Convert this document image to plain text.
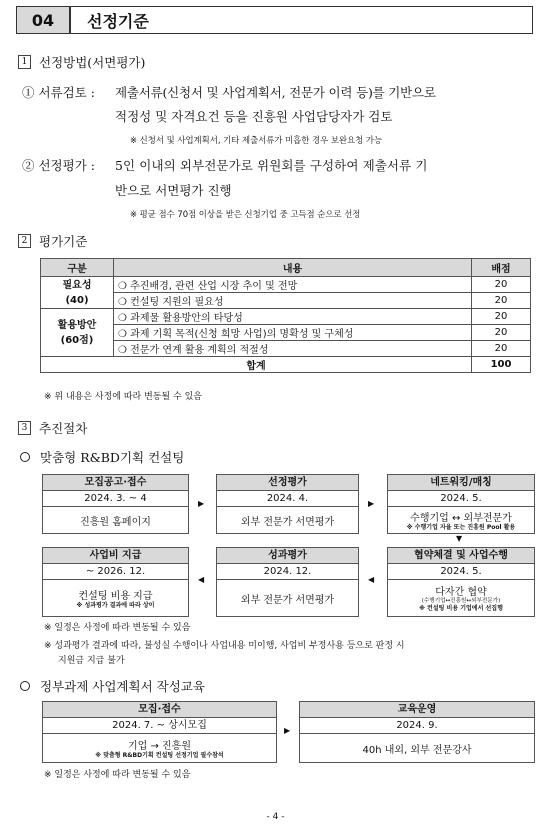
04	선정기준
1 선정방법(서면평가)
① 서류검토 : 제출서류(신청서 및 사업계획서, 전문가 이력 등)를 기반으로
적정성 및 자격요건 등을 진흥원 사업담당자가 검토
※ 신청서 및 사업계획서, 기타 제출서류가 미흡한 경우 보완요청 가능
② 선정평가 : 5인 이내의 외부전문가로 위원회를 구성하여 제출서류 기
반으로 서면평가 진행
※ 평균 점수 70점 이상을 받은 신청기업 중 고득점 순으로 선정
2 평가기준
구분	내용	배점

필요성
(40)	❍ 추진배경, 관련 산업 시장 추이 및 전망	20
	❍ 컨설팅 지원의 필요성	20

활용방안
(60점)	❍ 과제물 활용방안의 타당성	20
	❍ 과제 기획 목적(신청 희망 사업)의 명확성 및 구체성	20
	❍ 전문가 연계 활용 계획의 적절성	20
합계		100
※ 위 내용은 사정에 따라 변동될 수 있음
3 추진절차
맞춤형 R&BD기획 컨설팅
모집공고·접수
2024. 3. ~ 4
진흥원 홈페이지
▶
선정평가
2024. 4.
외부 전문가 서면평가
▶
네트워킹/매칭
2024. 5.
수행기업 ↔ 외부전문가
※ 수행기업 자율 또는 진흥원 Pool 활용
▼
사업비 지급
~ 2026. 12.
컨설팅 비용 지급
※ 성과평가 결과에 따라 상이
◀
성과평가
2024. 12.
외부 전문가 서면평가
◀
협약체결 및 사업수행
2024. 5.
다자간 협약
(수행기업↔진흥원↔외부전문가)
※ 컨설팅 비용 기업에서 선집행
※ 일정은 사정에 따라 변동될 수 있음
※ 성과평가 결과에 따라, 불성실 수행이나 사업내용 미이행, 사업비 부정사용 등으로 판정 시
지원금 지급 불가
정부과제 사업계획서 작성교육
모집·접수
2024. 7. ~ 상시모집
기업 → 진흥원
※ 맞춤형 R&BD기획 컨설팅 선정기업 필수참석
▶
교육운영
2024. 9.
40h 내외, 외부 전문강사
※ 일정은 사정에 따라 변동될 수 있음
- 4 -
